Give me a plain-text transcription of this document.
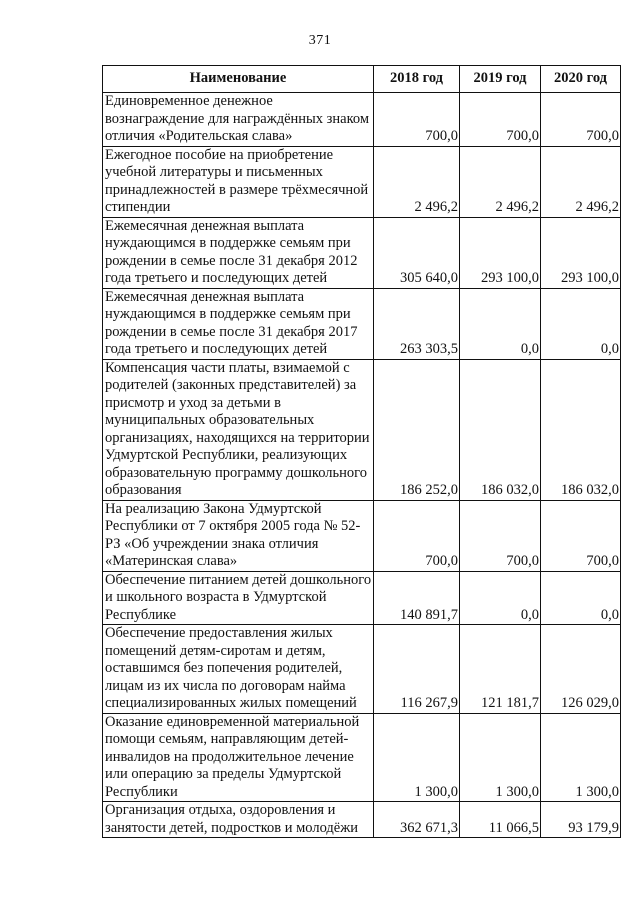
371
Наименование	2018 год	2019 год	2020 год
Единовременное денежное вознаграждение для награждённых знаком отличия «Родительская слава»	700,0	700,0	700,0
Ежегодное пособие на приобретение учебной литературы и письменных принадлежностей в размере трёхмесячной стипендии	2 496,2	2 496,2	2 496,2
Ежемесячная денежная выплата нуждающимся в поддержке семьям при рождении в семье после 31 декабря 2012 года третьего и последующих детей	305 640,0	293 100,0	293 100,0
Ежемесячная денежная выплата нуждающимся в поддержке семьям при рождении в семье после 31 декабря 2017 года третьего и последующих детей	263 303,5	0,0	0,0
Компенсация части платы, взимаемой с родителей (законных представителей) за присмотр и уход за детьми в муниципальных образовательных организациях, находящихся на территории Удмуртской Республики, реализующих образовательную программу дошкольного образования	186 252,0	186 032,0	186 032,0
На реализацию Закона Удмуртской Республики от 7 октября 2005 года № 52-РЗ «Об учреждении знака отличия «Материнская слава»	700,0	700,0	700,0
Обеспечение питанием детей дошкольного и школьного возраста в Удмуртской Республике	140 891,7	0,0	0,0
Обеспечение предоставления жилых помещений детям-сиротам и детям, оставшимся без попечения родителей, лицам из их числа по договорам найма специализированных жилых помещений	116 267,9	121 181,7	126 029,0
Оказание единовременной материальной помощи семьям, направляющим детей-инвалидов на продолжительное лечение или операцию за пределы Удмуртской Республики	1 300,0	1 300,0	1 300,0
Организация отдыха, оздоровления и занятости детей, подростков и молодёжи	362 671,3	11 066,5	93 179,9
